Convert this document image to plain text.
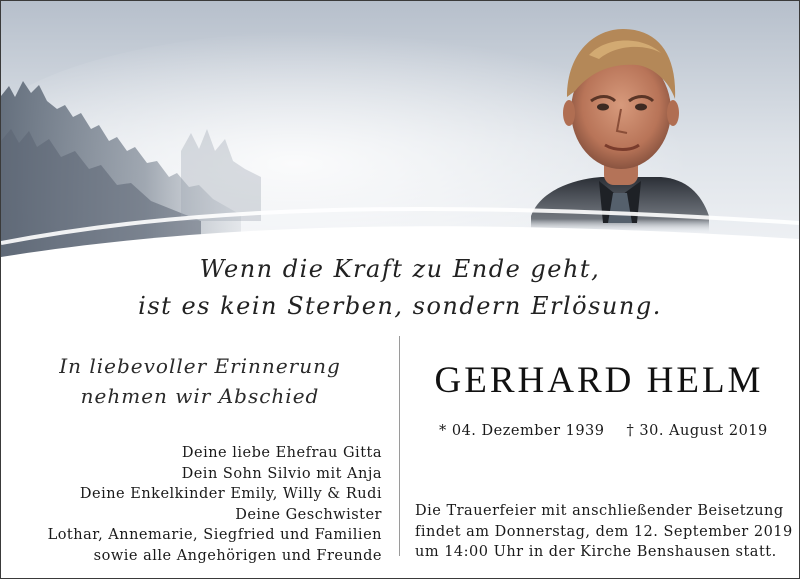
Wenn die Kraft zu Ende geht,
ist es kein Sterben, sondern Erlösung.
In liebevoller Erinnerung
nehmen wir Abschied
Deine liebe Ehefrau Gitta
Dein Sohn Silvio mit Anja
Deine Enkelkinder Emily, Willy & Rudi
Deine Geschwister
Lothar, Annemarie, Siegfried und Familien
sowie alle Angehörigen und Freunde
GERHARD HELM
* 04. Dezember 1939 † 30. August 2019
Die Trauerfeier mit anschließender Beisetzung
findet am Donnerstag, dem 12. September 2019
um 14:00 Uhr in der Kirche Benshausen statt.
